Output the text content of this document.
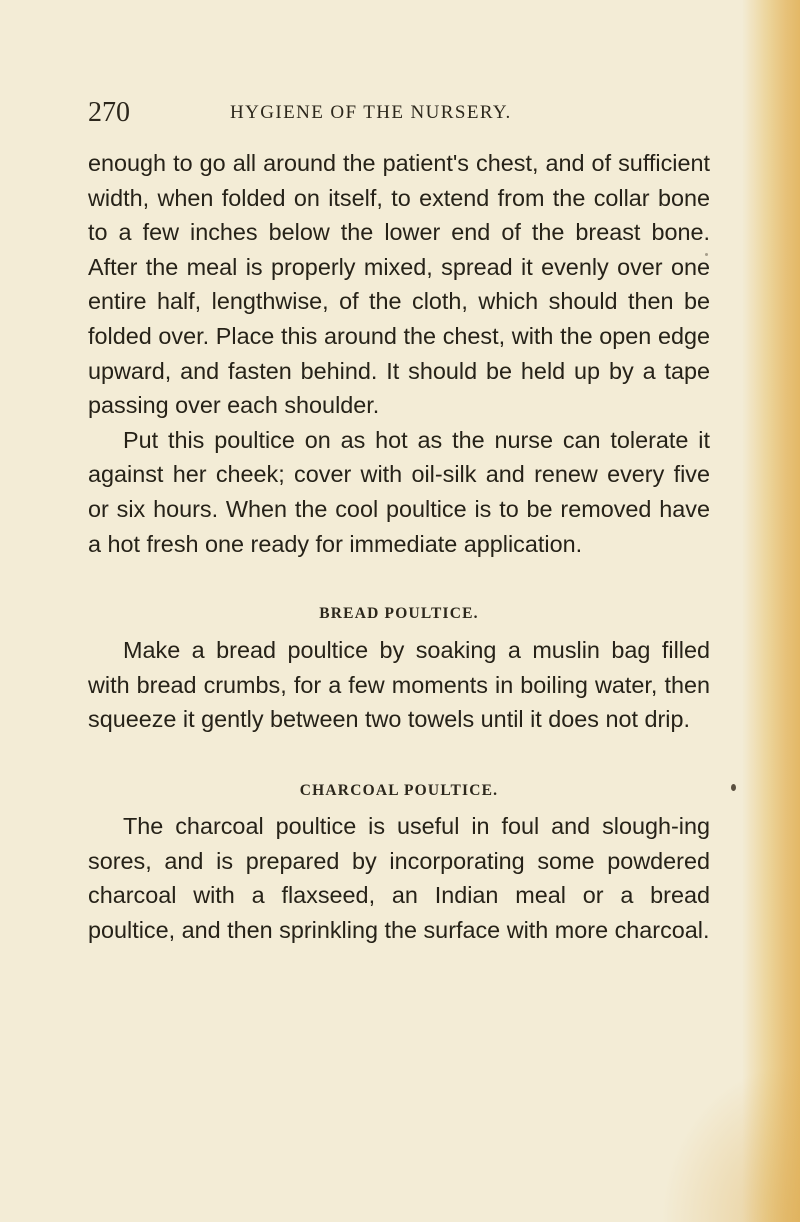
270	HYGIENE OF THE NURSERY.

enough to go all around the patient's chest, and of sufficient width, when folded on itself, to extend from the collar bone to a few inches below the lower end of the breast bone. After the meal is properly mixed, spread it evenly over one entire half, lengthwise, of the cloth, which should then be folded over. Place this around the chest, with the open edge upward, and fasten behind. It should be held up by a tape passing over each shoulder.

Put this poultice on as hot as the nurse can tolerate it against her cheek; cover with oil-silk and renew every five or six hours. When the cool poultice is to be removed have a hot fresh one ready for immediate application.

BREAD POULTICE.

Make a bread poultice by soaking a muslin bag filled with bread crumbs, for a few moments in boiling water, then squeeze it gently between two towels until it does not drip.

CHARCOAL POULTICE.

The charcoal poultice is useful in foul and slough-ing sores, and is prepared by incorporating some powdered charcoal with a flaxseed, an Indian meal or a bread poultice, and then sprinkling the surface with more charcoal.
